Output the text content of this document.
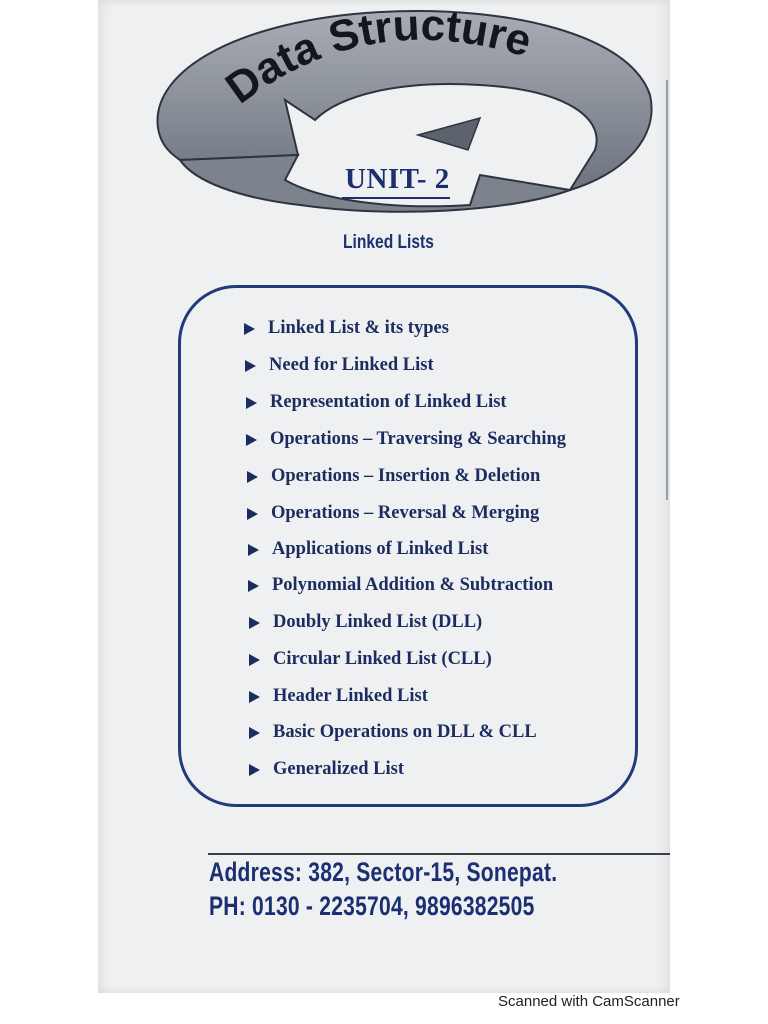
Data Structure
UNIT- 2
Linked Lists
Linked List & its types
Need for Linked List
Representation of Linked List
Operations – Traversing & Searching
Operations – Insertion & Deletion
Operations – Reversal & Merging
Applications of Linked List
Polynomial Addition & Subtraction
Doubly Linked List (DLL)
Circular Linked List (CLL)
Header Linked List
Basic Operations on DLL & CLL
Generalized List
Address: 382, Sector-15, Sonepat.
PH: 0130 - 2235704, 9896382505
Scanned with CamScanner
